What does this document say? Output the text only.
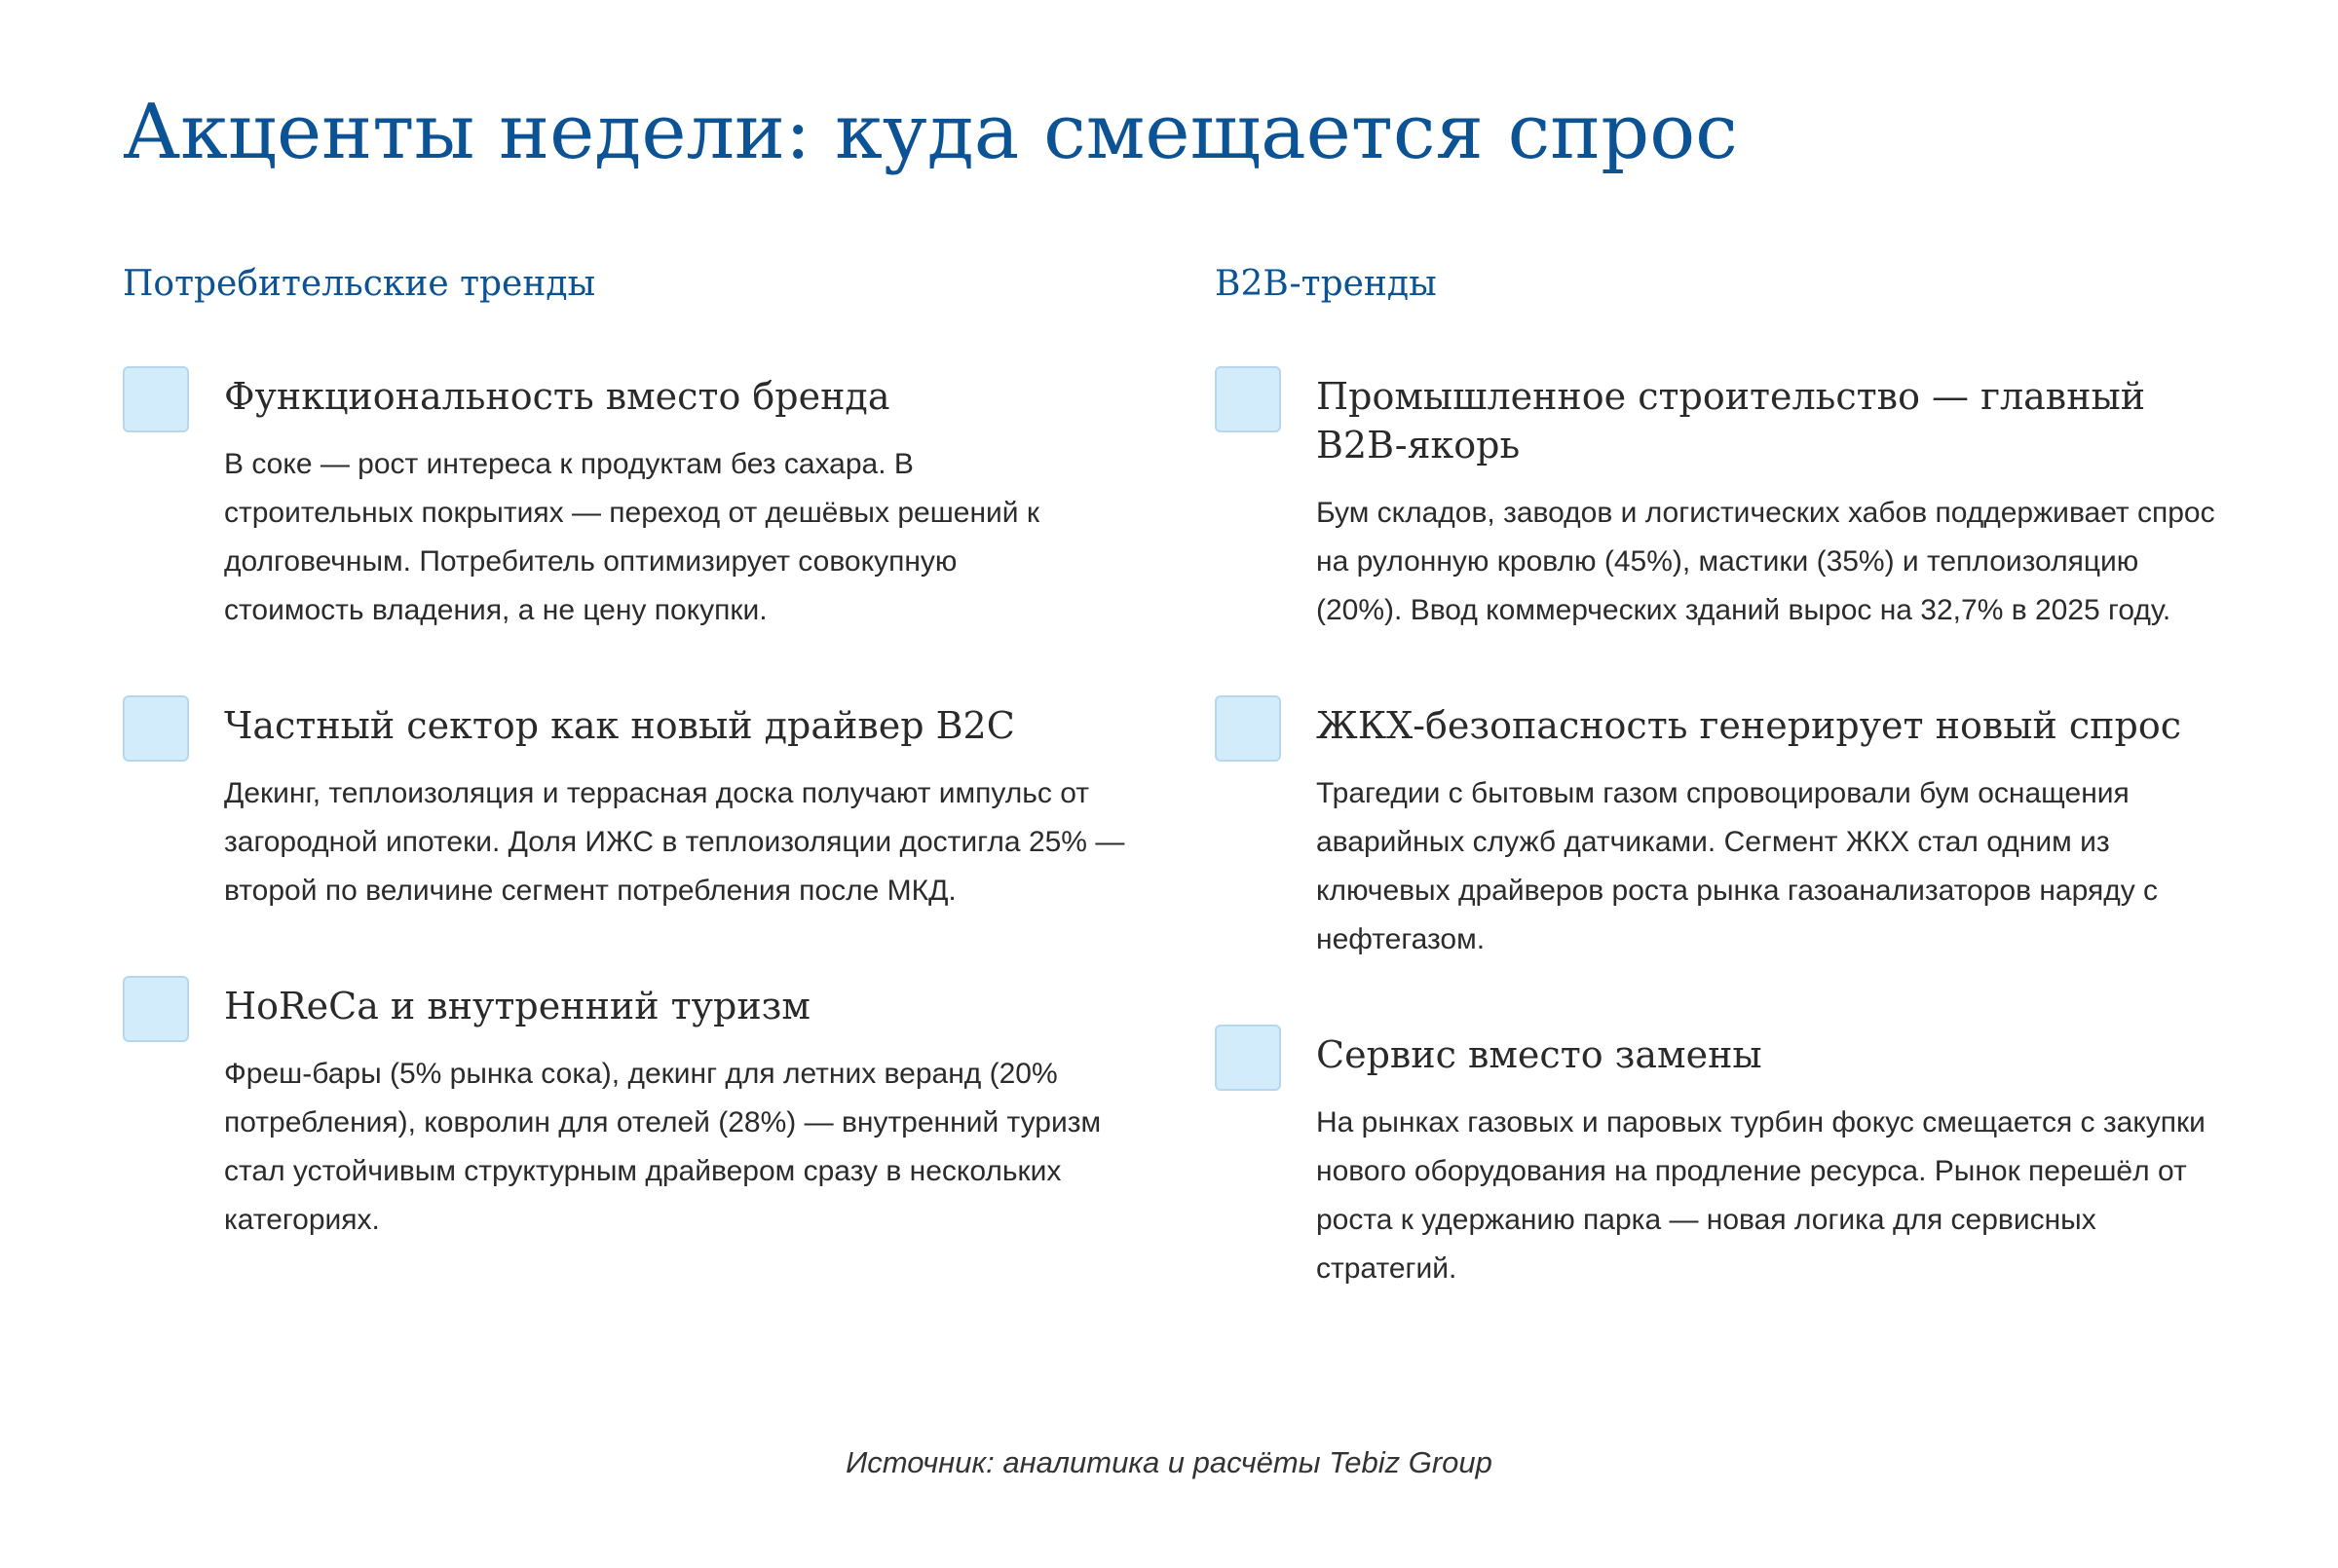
Акценты недели: куда смещается спрос
Потребительские тренды
Функциональность вместо бренда

В соке — рост интереса к продуктам без сахара. В строительных покрытиях — переход от дешёвых решений к долговечным. Потребитель оптимизирует совокупную стоимость владения, а не цену покупки.

Частный сектор как новый драйвер B2C

Декинг, теплоизоляция и террасная доска получают импульс от загородной ипотеки. Доля ИЖС в теплоизоляции достигла 25% — второй по величине сегмент потребления после МКД.

HoReCa и внутренний туризм

Фреш-бары (5% рынка сока), декинг для летних веранд (20% потребления), ковролин для отелей (28%) — внутренний туризм стал устойчивым структурным драйвером сразу в нескольких категориях.

B2B-тренды
Промышленное строительство — главный B2B-якорь

Бум складов, заводов и логистических хабов поддерживает спрос на рулонную кровлю (45%), мастики (35%) и теплоизоляцию (20%). Ввод коммерческих зданий вырос на 32,7% в 2025 году.

ЖКХ-безопасность генерирует новый спрос

Трагедии с бытовым газом спровоцировали бум оснащения аварийных служб датчиками. Сегмент ЖКХ стал одним из ключевых драйверов роста рынка газоанализаторов наряду с нефтегазом.

Сервис вместо замены

На рынках газовых и паровых турбин фокус смещается с закупки нового оборудования на продление ресурса. Рынок перешёл от роста к удержанию парка — новая логика для сервисных стратегий.

Источник: аналитика и расчёты Tebiz Group
